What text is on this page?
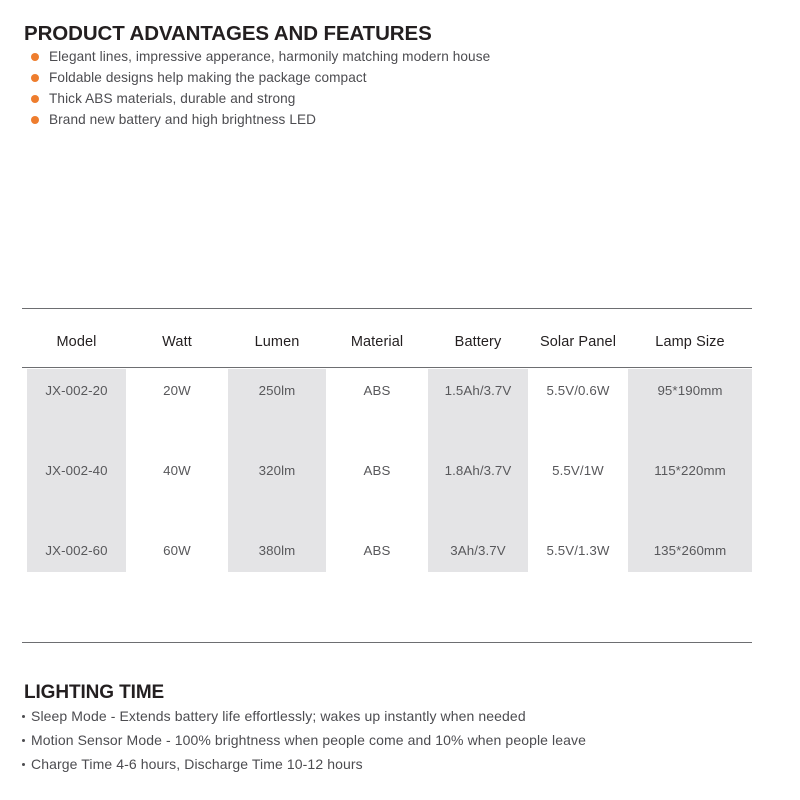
PRODUCT ADVANTAGES AND FEATURES
Elegant lines, impressive apperance, harmonily matching modern house
Foldable designs help making the package compact
Thick ABS materials, durable and strong
Brand new battery and high brightness LED
Model	Watt	Lumen	Material	Battery	Solar Panel	Lamp Size
JX-002-20	20W	250lm	ABS	1.5Ah/3.7V	5.5V/0.6W	95*190mm
JX-002-40	40W	320lm	ABS	1.8Ah/3.7V	5.5V/1W	115*220mm
JX-002-60	60W	380lm	ABS	3Ah/3.7V	5.5V/1.3W	135*260mm
LIGHTING TIME
Sleep Mode - Extends battery life effortlessly; wakes up instantly when needed
Motion Sensor Mode - 100% brightness when people come and 10% when people leave
Charge Time 4-6 hours, Discharge Time 10-12 hours
